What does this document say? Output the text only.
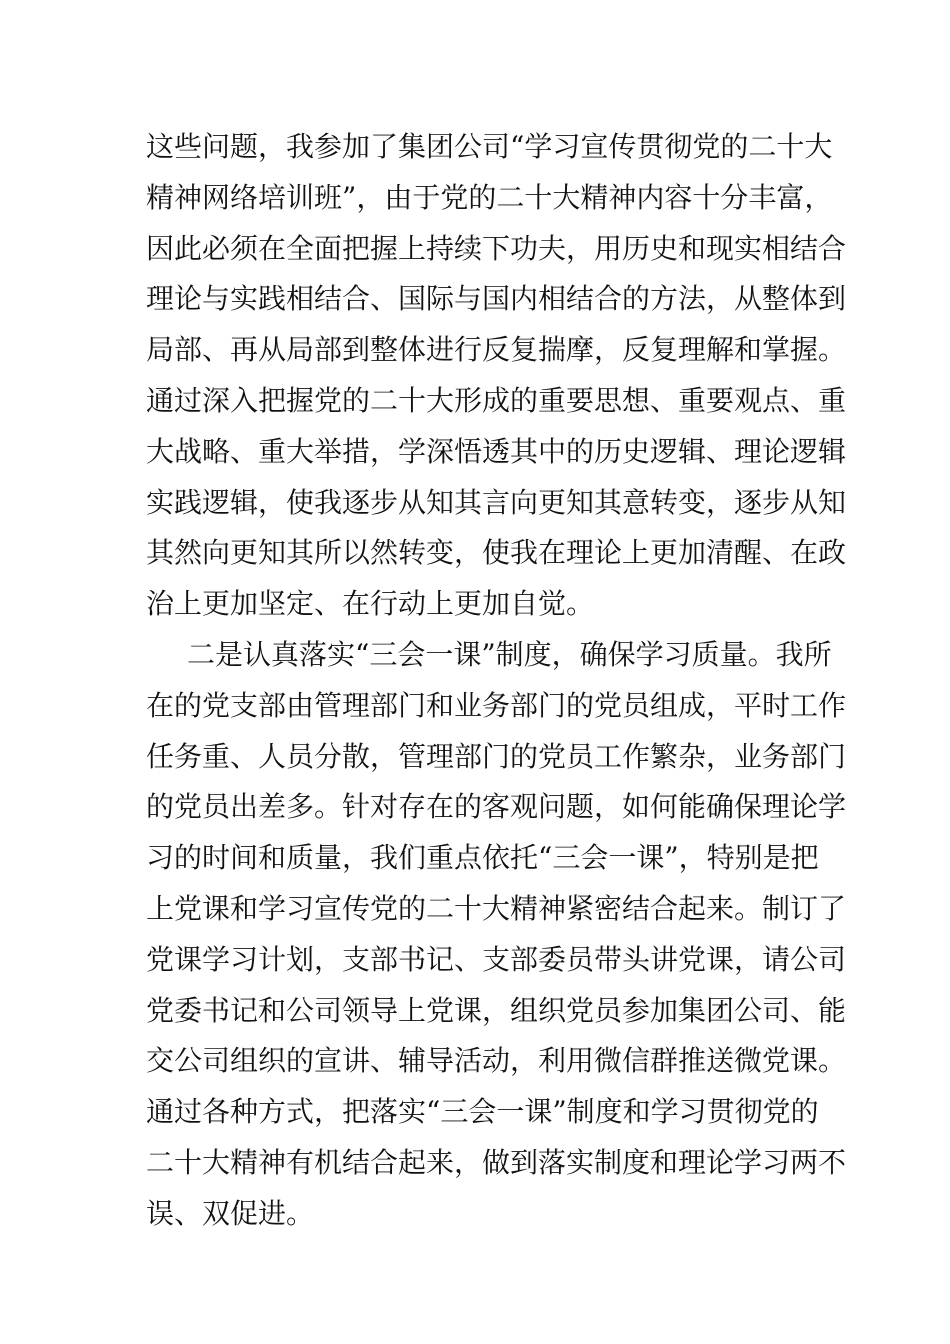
这些问题，我参加了集团公司“学习宣传贯彻党的二十大
精神网络培训班”，由于党的二十大精神内容十分丰富，
因此必须在全面把握上持续下功夫，用历史和现实相结合
理论与实践相结合、国际与国内相结合的方法，从整体到
局部、再从局部到整体进行反复揣摩，反复理解和掌握。
通过深入把握党的二十大形成的重要思想、重要观点、重
大战略、重大举措，学深悟透其中的历史逻辑、理论逻辑
实践逻辑，使我逐步从知其言向更知其意转变，逐步从知
其然向更知其所以然转变，使我在理论上更加清醒、在政
治上更加坚定、在行动上更加自觉。
二是认真落实“三会一课”制度，确保学习质量。我所
在的党支部由管理部门和业务部门的党员组成，平时工作
任务重、人员分散，管理部门的党员工作繁杂，业务部门
的党员出差多。针对存在的客观问题，如何能确保理论学
习的时间和质量，我们重点依托“三会一课”，特别是把
上党课和学习宣传党的二十大精神紧密结合起来。制订了
党课学习计划，支部书记、支部委员带头讲党课，请公司
党委书记和公司领导上党课，组织党员参加集团公司、能
交公司组织的宣讲、辅导活动，利用微信群推送微党课。
通过各种方式，把落实“三会一课”制度和学习贯彻党的
二十大精神有机结合起来，做到落实制度和理论学习两不
误、双促进。
